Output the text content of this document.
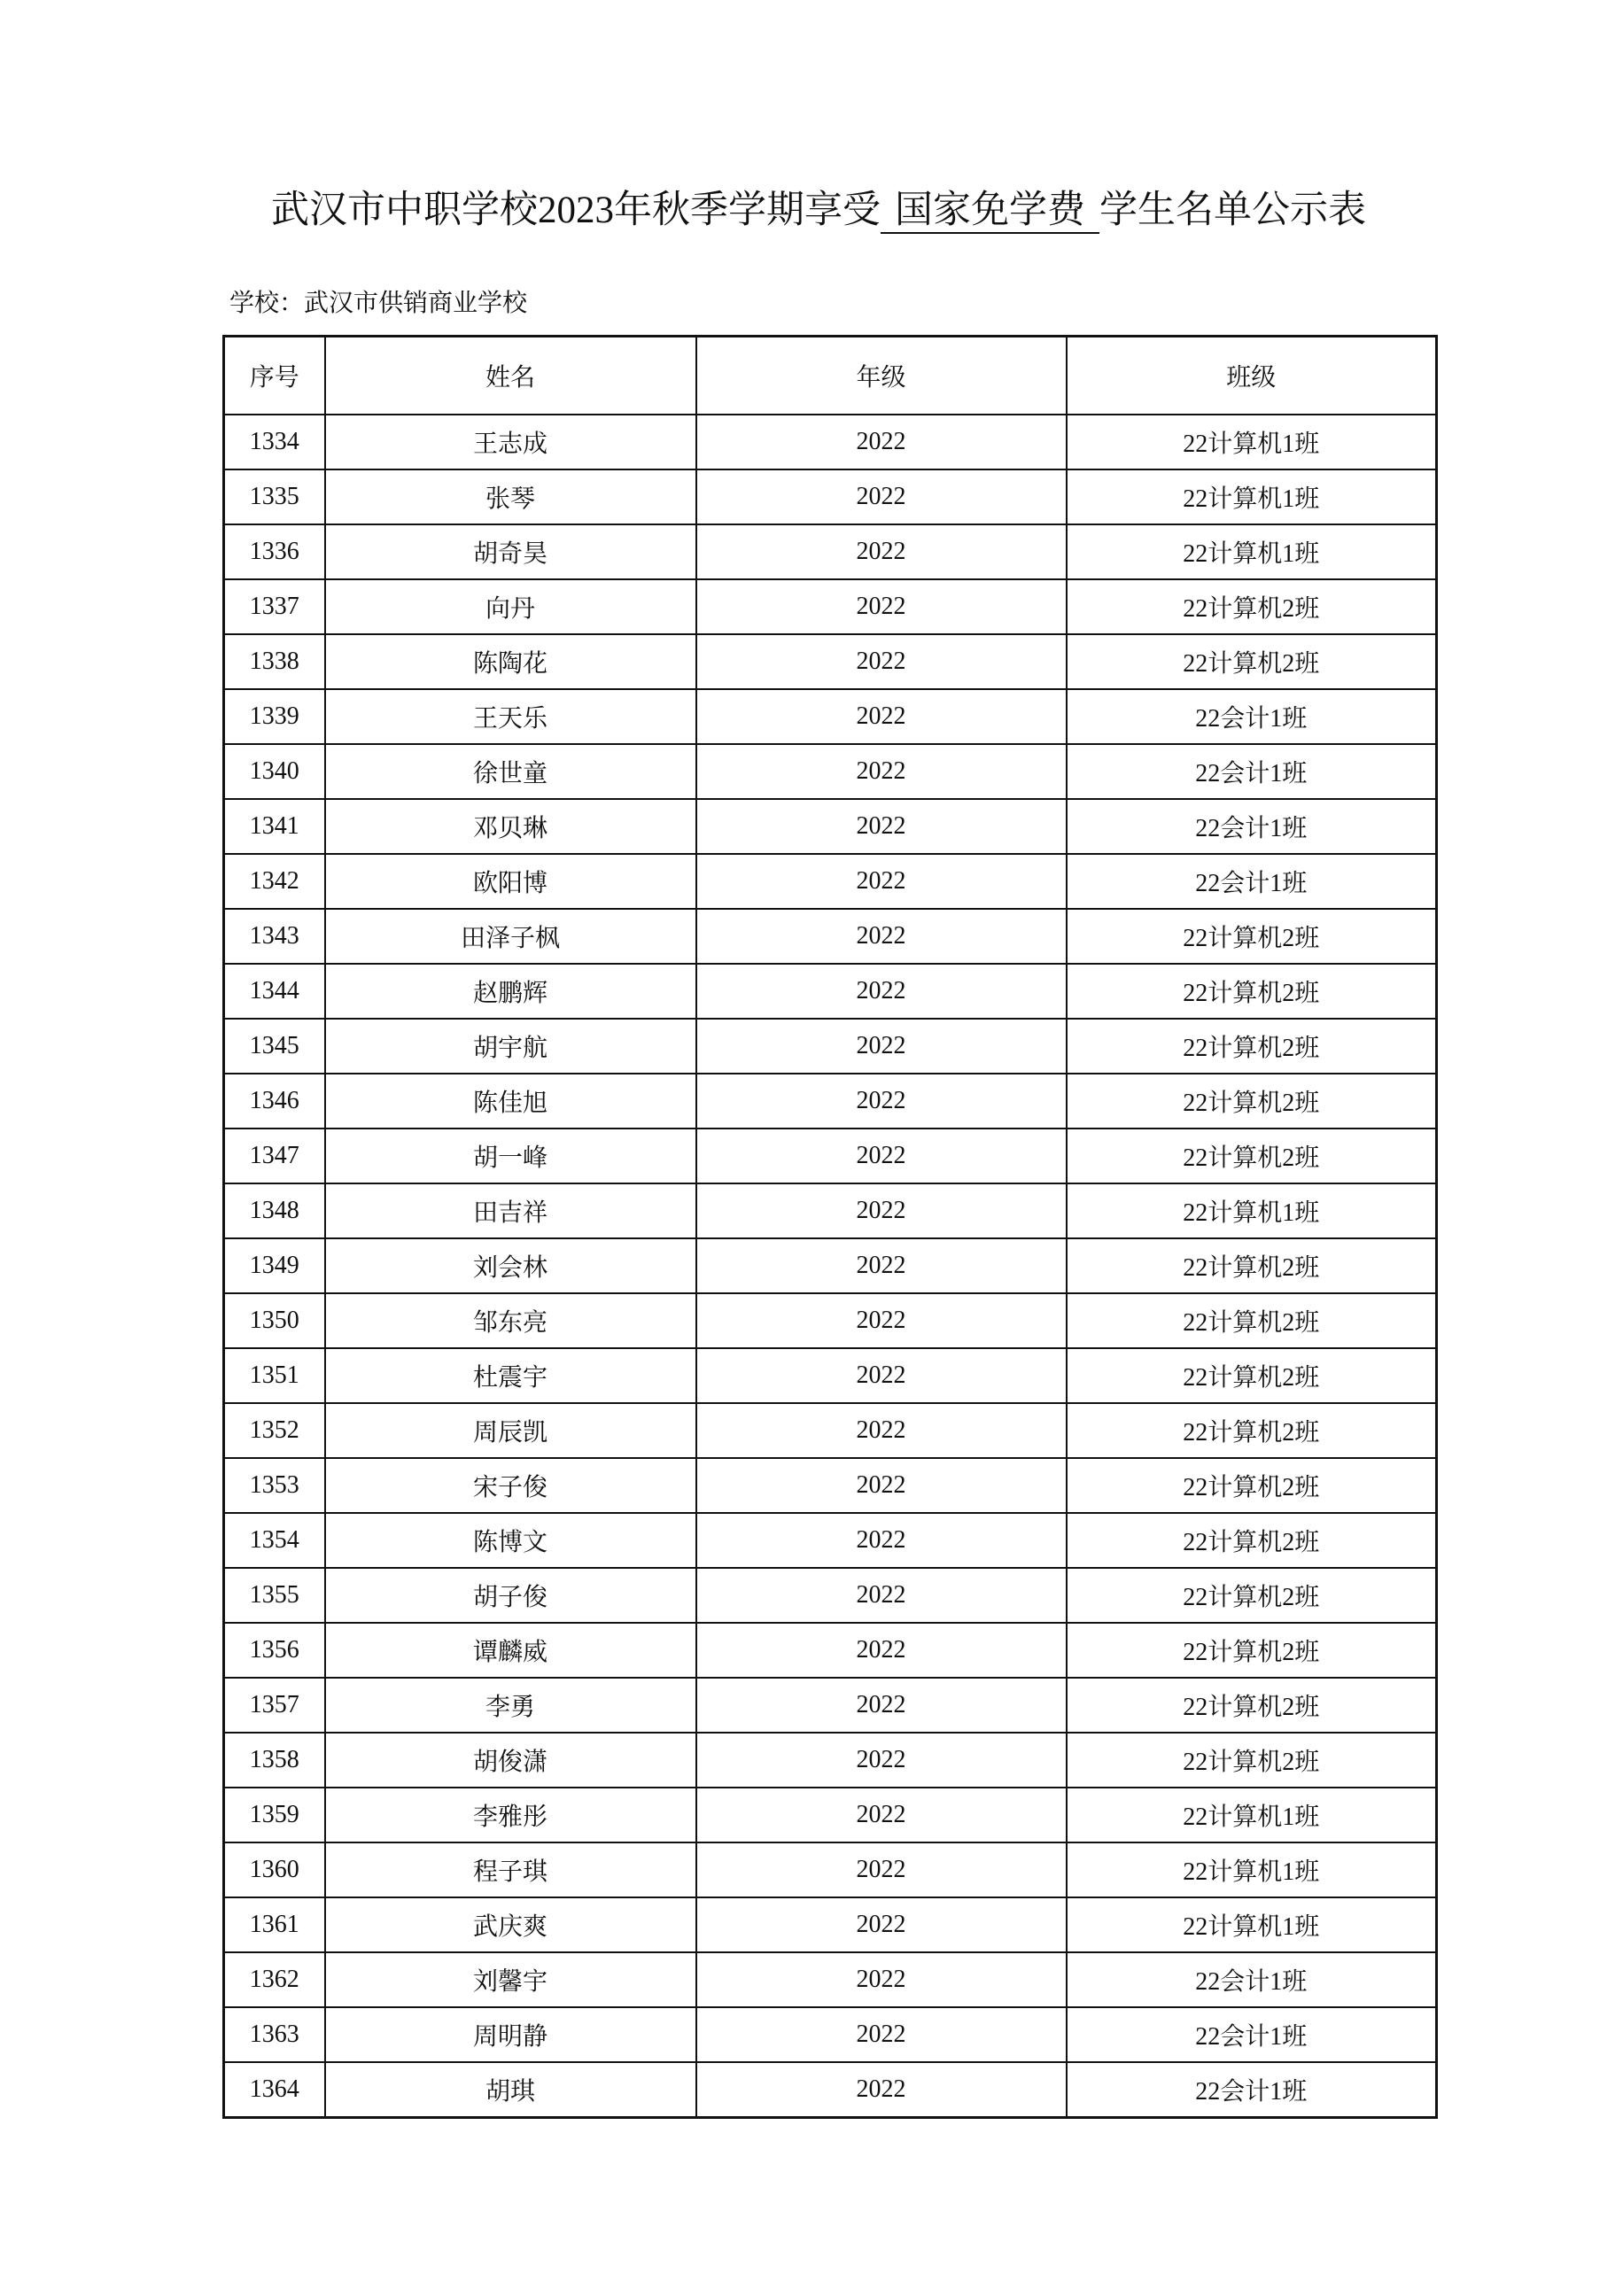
武汉市中职学校2023年秋季学期享受 国家免学费 学生名单公示表
学校：武汉市供销商业学校
序号	姓名	年级	班级
1334	王志成	2022	22计算机1班
1335	张琴	2022	22计算机1班
1336	胡奇昊	2022	22计算机1班
1337	向丹	2022	22计算机2班
1338	陈陶花	2022	22计算机2班
1339	王天乐	2022	22会计1班
1340	徐世童	2022	22会计1班
1341	邓贝琳	2022	22会计1班
1342	欧阳博	2022	22会计1班
1343	田泽子枫	2022	22计算机2班
1344	赵鹏辉	2022	22计算机2班
1345	胡宇航	2022	22计算机2班
1346	陈佳旭	2022	22计算机2班
1347	胡一峰	2022	22计算机2班
1348	田吉祥	2022	22计算机1班
1349	刘会林	2022	22计算机2班
1350	邹东亮	2022	22计算机2班
1351	杜震宇	2022	22计算机2班
1352	周辰凯	2022	22计算机2班
1353	宋子俊	2022	22计算机2班
1354	陈博文	2022	22计算机2班
1355	胡子俊	2022	22计算机2班
1356	谭麟威	2022	22计算机2班
1357	李勇	2022	22计算机2班
1358	胡俊潇	2022	22计算机2班
1359	李雅彤	2022	22计算机1班
1360	程子琪	2022	22计算机1班
1361	武庆爽	2022	22计算机1班
1362	刘馨宇	2022	22会计1班
1363	周明静	2022	22会计1班
1364	胡琪	2022	22会计1班
